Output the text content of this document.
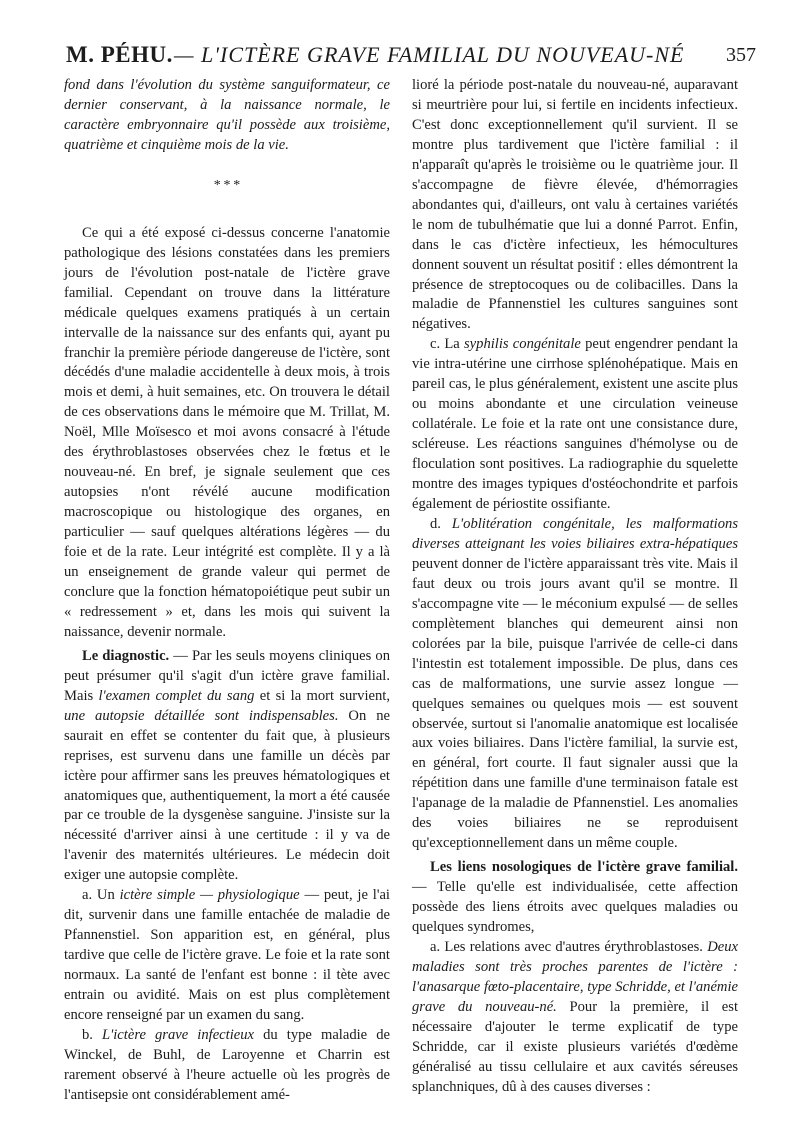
M. PÉHU. — L'ICTÈRE GRAVE FAMILIAL DU NOUVEAU-NÉ 357

fond dans l'évolution du système sanguiformateur, ce dernier conservant, à la naissance normale, le caractère embryonnaire qu'il possède aux troisième, quatrième et cinquième mois de la vie.

* * *

Ce qui a été exposé ci-dessus concerne l'anatomie pathologique des lésions constatées dans les premiers jours de l'évolution post-natale de l'ictère grave familial. Cependant on trouve dans la littérature médicale quelques examens pratiqués à un certain intervalle de la naissance sur des enfants qui, ayant pu franchir la première période dangereuse de l'ictère, sont décédés d'une maladie accidentelle à deux mois, à trois mois et demi, à huit semaines, etc. On trouvera le détail de ces observations dans le mémoire que M. Trillat, M. Noël, Mlle Moïsesco et moi avons consacré à l'étude des érythroblastoses observées chez le fœtus et le nouveau-né. En bref, je signale seulement que ces autopsies n'ont révélé aucune modification macroscopique ou histologique des organes, en particulier — sauf quelques altérations légères — du foie et de la rate. Leur intégrité est complète. Il y a là un enseignement de grande valeur qui permet de conclure que la fonction hématopoiétique peut subir un « redressement » et, dans les mois qui suivent la naissance, devenir normale.

Le diagnostic. — Par les seuls moyens cliniques on peut présumer qu'il s'agit d'un ictère grave familial. Mais l'examen complet du sang et si la mort survient, une autopsie détaillée sont indispensables. On ne saurait en effet se contenter du fait que, à plusieurs reprises, est survenu dans une famille un décès par ictère pour affirmer sans les preuves hématologiques et anatomiques que, authentiquement, la mort a été causée par ce trouble de la dysgenèse sanguine. J'insiste sur la nécessité d'arriver ainsi à une certitude : il y va de l'avenir des maternités ultérieures. Le médecin doit exiger une autopsie complète.

a. Un ictère simple — physiologique — peut, je l'ai dit, survenir dans une famille entachée de maladie de Pfannenstiel. Son apparition est, en général, plus tardive que celle de l'ictère grave. Le foie et la rate sont normaux. La santé de l'enfant est bonne : il tète avec entrain ou avidité. Mais on est plus complètement encore renseigné par un examen du sang.

b. L'ictère grave infectieux du type maladie de Winckel, de Buhl, de Laroyenne et Charrin est rarement observé à l'heure actuelle où les progrès de l'antisepsie ont considérablement amé-

lioré la période post-natale du nouveau-né, auparavant si meurtrière pour lui, si fertile en incidents infectieux. C'est donc exceptionnellement qu'il survient. Il se montre plus tardivement que l'ictère familial : il n'apparaît qu'après le troisième ou le quatrième jour. Il s'accompagne de fièvre élevée, d'hémorragies abondantes qui, d'ailleurs, ont valu à certaines variétés le nom de tubulhématie que lui a donné Parrot. Enfin, dans le cas d'ictère infectieux, les hémocultures donnent souvent un résultat positif : elles démontrent la présence de streptocoques ou de colibacilles. Dans la maladie de Pfannenstiel les cultures sanguines sont négatives.

c. La syphilis congénitale peut engendrer pendant la vie intra-utérine une cirrhose splénohépatique. Mais en pareil cas, le plus généralement, existent une ascite plus ou moins abondante et une circulation veineuse collatérale. Le foie et la rate ont une consistance dure, scléreuse. Les réactions sanguines d'hémolyse ou de floculation sont positives. La radiographie du squelette montre des images typiques d'ostéochondrite et parfois également de périostite ossifiante.

d. L'oblitération congénitale, les malformations diverses atteignant les voies biliaires extra-hépatiques peuvent donner de l'ictère apparaissant très vite. Mais il faut deux ou trois jours avant qu'il se montre. Il s'accompagne vite — le méconium expulsé — de selles complètement blanches qui demeurent ainsi non colorées par la bile, puisque l'arrivée de celle-ci dans l'intestin est totalement impossible. De plus, dans ces cas de malformations, une survie assez longue — quelques semaines ou quelques mois — est souvent observée, surtout si l'anomalie anatomique est localisée aux voies biliaires. Dans l'ictère familial, la survie est, en général, fort courte. Il faut signaler aussi que la répétition dans une famille d'une terminaison fatale est l'apanage de la maladie de Pfannenstiel. Les anomalies des voies biliaires ne se reproduisent qu'exceptionnellement dans un même couple.

Les liens nosologiques de l'ictère grave familial. — Telle qu'elle est individualisée, cette affection possède des liens étroits avec quelques maladies ou quelques syndromes,

a. Les relations avec d'autres érythroblastoses. Deux maladies sont très proches parentes de l'ictère : l'anasarque fœto-placentaire, type Schridde, et l'anémie grave du nouveau-né. Pour la première, il est nécessaire d'ajouter le terme explicatif de type Schridde, car il existe plusieurs variétés d'œdème généralisé au tissu cellulaire et aux cavités séreuses splanchniques, dû à des causes diverses :
